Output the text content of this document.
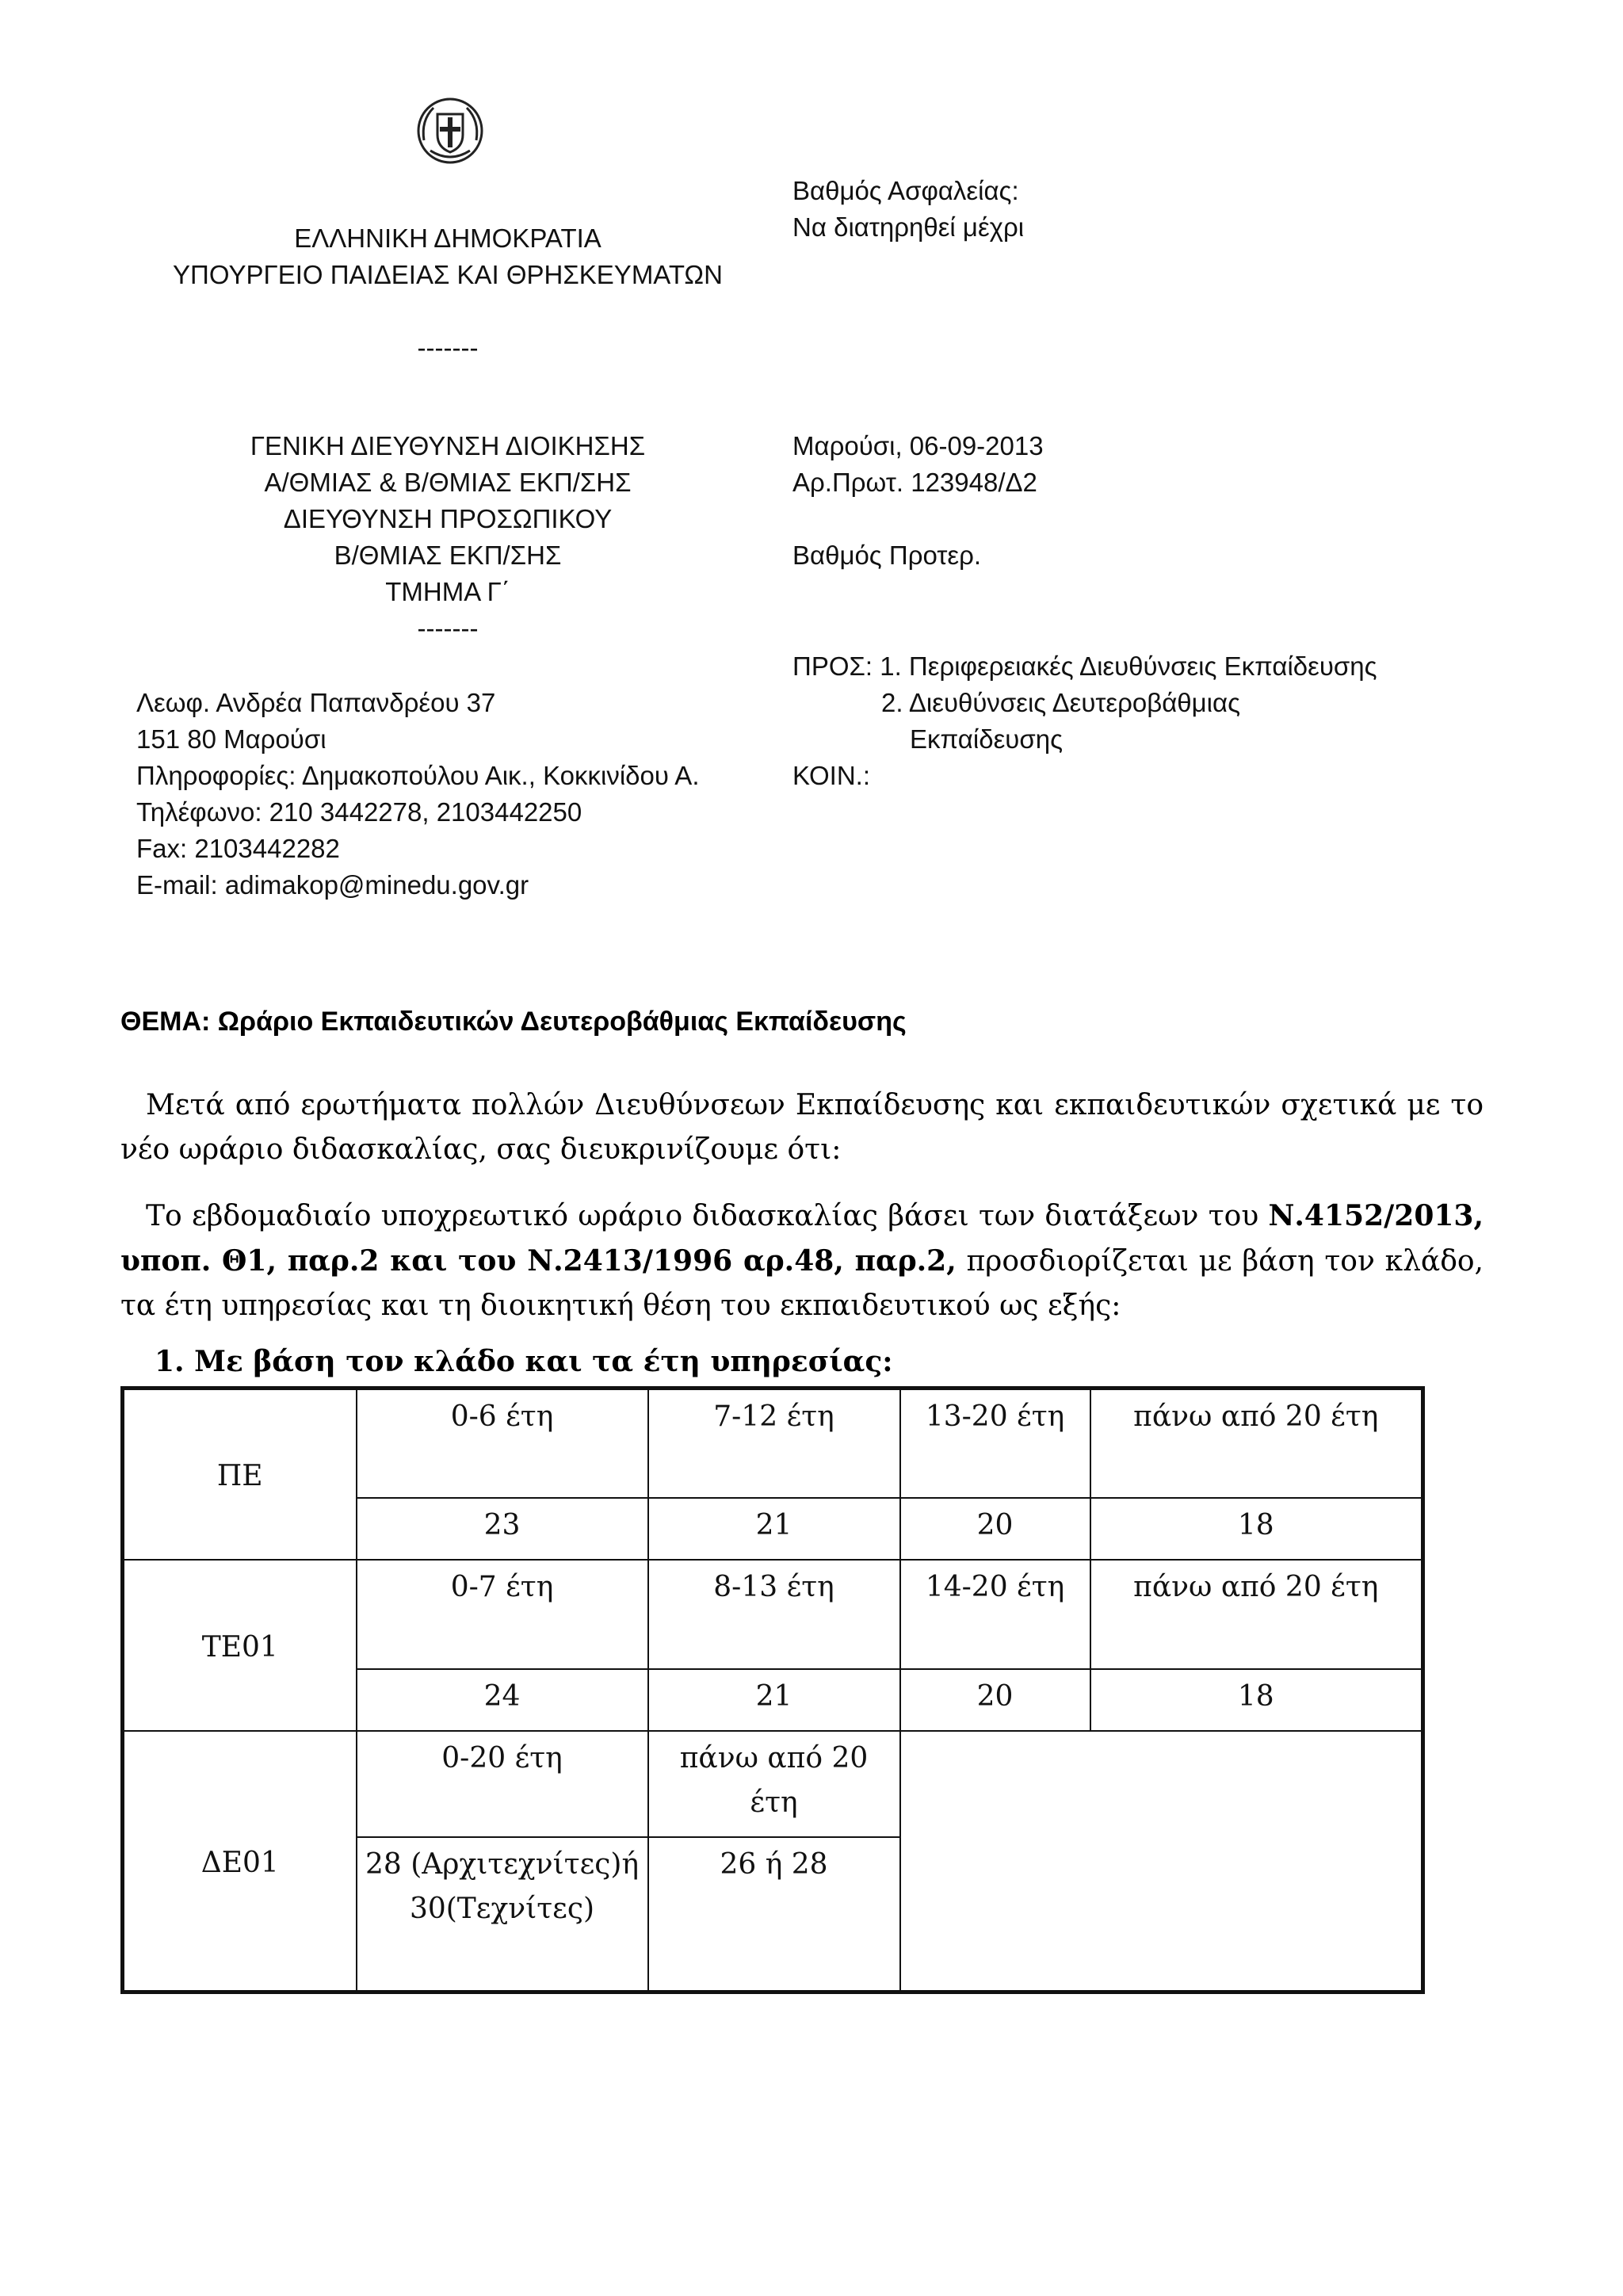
ΕΛΛΗΝΙΚΗ ΔΗΜΟΚΡΑΤΙΑ
ΥΠΟΥΡΓΕΙΟ ΠΑΙΔΕΙΑΣ ΚΑΙ ΘΡΗΣΚΕΥΜΑΤΩΝ
-------
ΓΕΝΙΚΗ ΔΙΕΥΘΥΝΣΗ ΔΙΟΙΚΗΣΗΣ
Α/ΘΜΙΑΣ & Β/ΘΜΙΑΣ ΕΚΠ/ΣΗΣ
ΔΙΕΥΘΥΝΣΗ ΠΡΟΣΩΠΙΚΟΥ
Β/ΘΜΙΑΣ ΕΚΠ/ΣΗΣ
ΤΜΗΜΑ Γ΄
-------
Λεωφ. Ανδρέα Παπανδρέου 37
151 80 Μαρούσι
Πληροφορίες: Δημακοπούλου Αικ., Κοκκινίδου Α.
Τηλέφωνο: 210 3442278, 2103442250
Fax: 2103442282
E-mail: adimakop@minedu.gov.gr
Βαθμός Ασφαλείας:
Να διατηρηθεί μέχρι
Μαρούσι, 06-09-2013
Αρ.Πρωτ. 123948/Δ2
Βαθμός Προτερ.
ΠΡΟΣ: 1. Περιφερειακές Διευθύνσεις Εκπαίδευσης
2. Διευθύνσεις Δευτεροβάθμιας
Εκπαίδευσης
ΚΟΙΝ.:
ΘΕΜΑ: Ωράριο Εκπαιδευτικών Δευτεροβάθμιας Εκπαίδευσης
Μετά από ερωτήματα πολλών Διευθύνσεων Εκπαίδευσης και εκπαιδευτικών σχετικά με το νέο ωράριο διδασκαλίας, σας διευκρινίζουμε ότι:
Το εβδομαδιαίο υποχρεωτικό ωράριο διδασκαλίας βάσει των διατάξεων του Ν.4152/2013, υποπ. Θ1, παρ.2 και του Ν.2413/1996 αρ.48, παρ.2, προσδιορίζεται με βάση τον κλάδο, τα έτη υπηρεσίας και τη διοικητική θέση του εκπαιδευτικού ως εξής:
1. Με βάση τον κλάδο και τα έτη υπηρεσίας:
ΠΕ	0-6 έτη	7-12 έτη	13-20 έτη	πάνω από 20 έτη
	23	21	20	18
ΤΕ01	0-7 έτη	8-13 έτη	14-20 έτη	πάνω από 20 έτη
	24	21	20	18
ΔΕ01	0-20 έτη	πάνω από 20 έτη		
	28 (Αρχιτεχνίτες)ή 30(Τεχνίτες)	26 ή 28		
